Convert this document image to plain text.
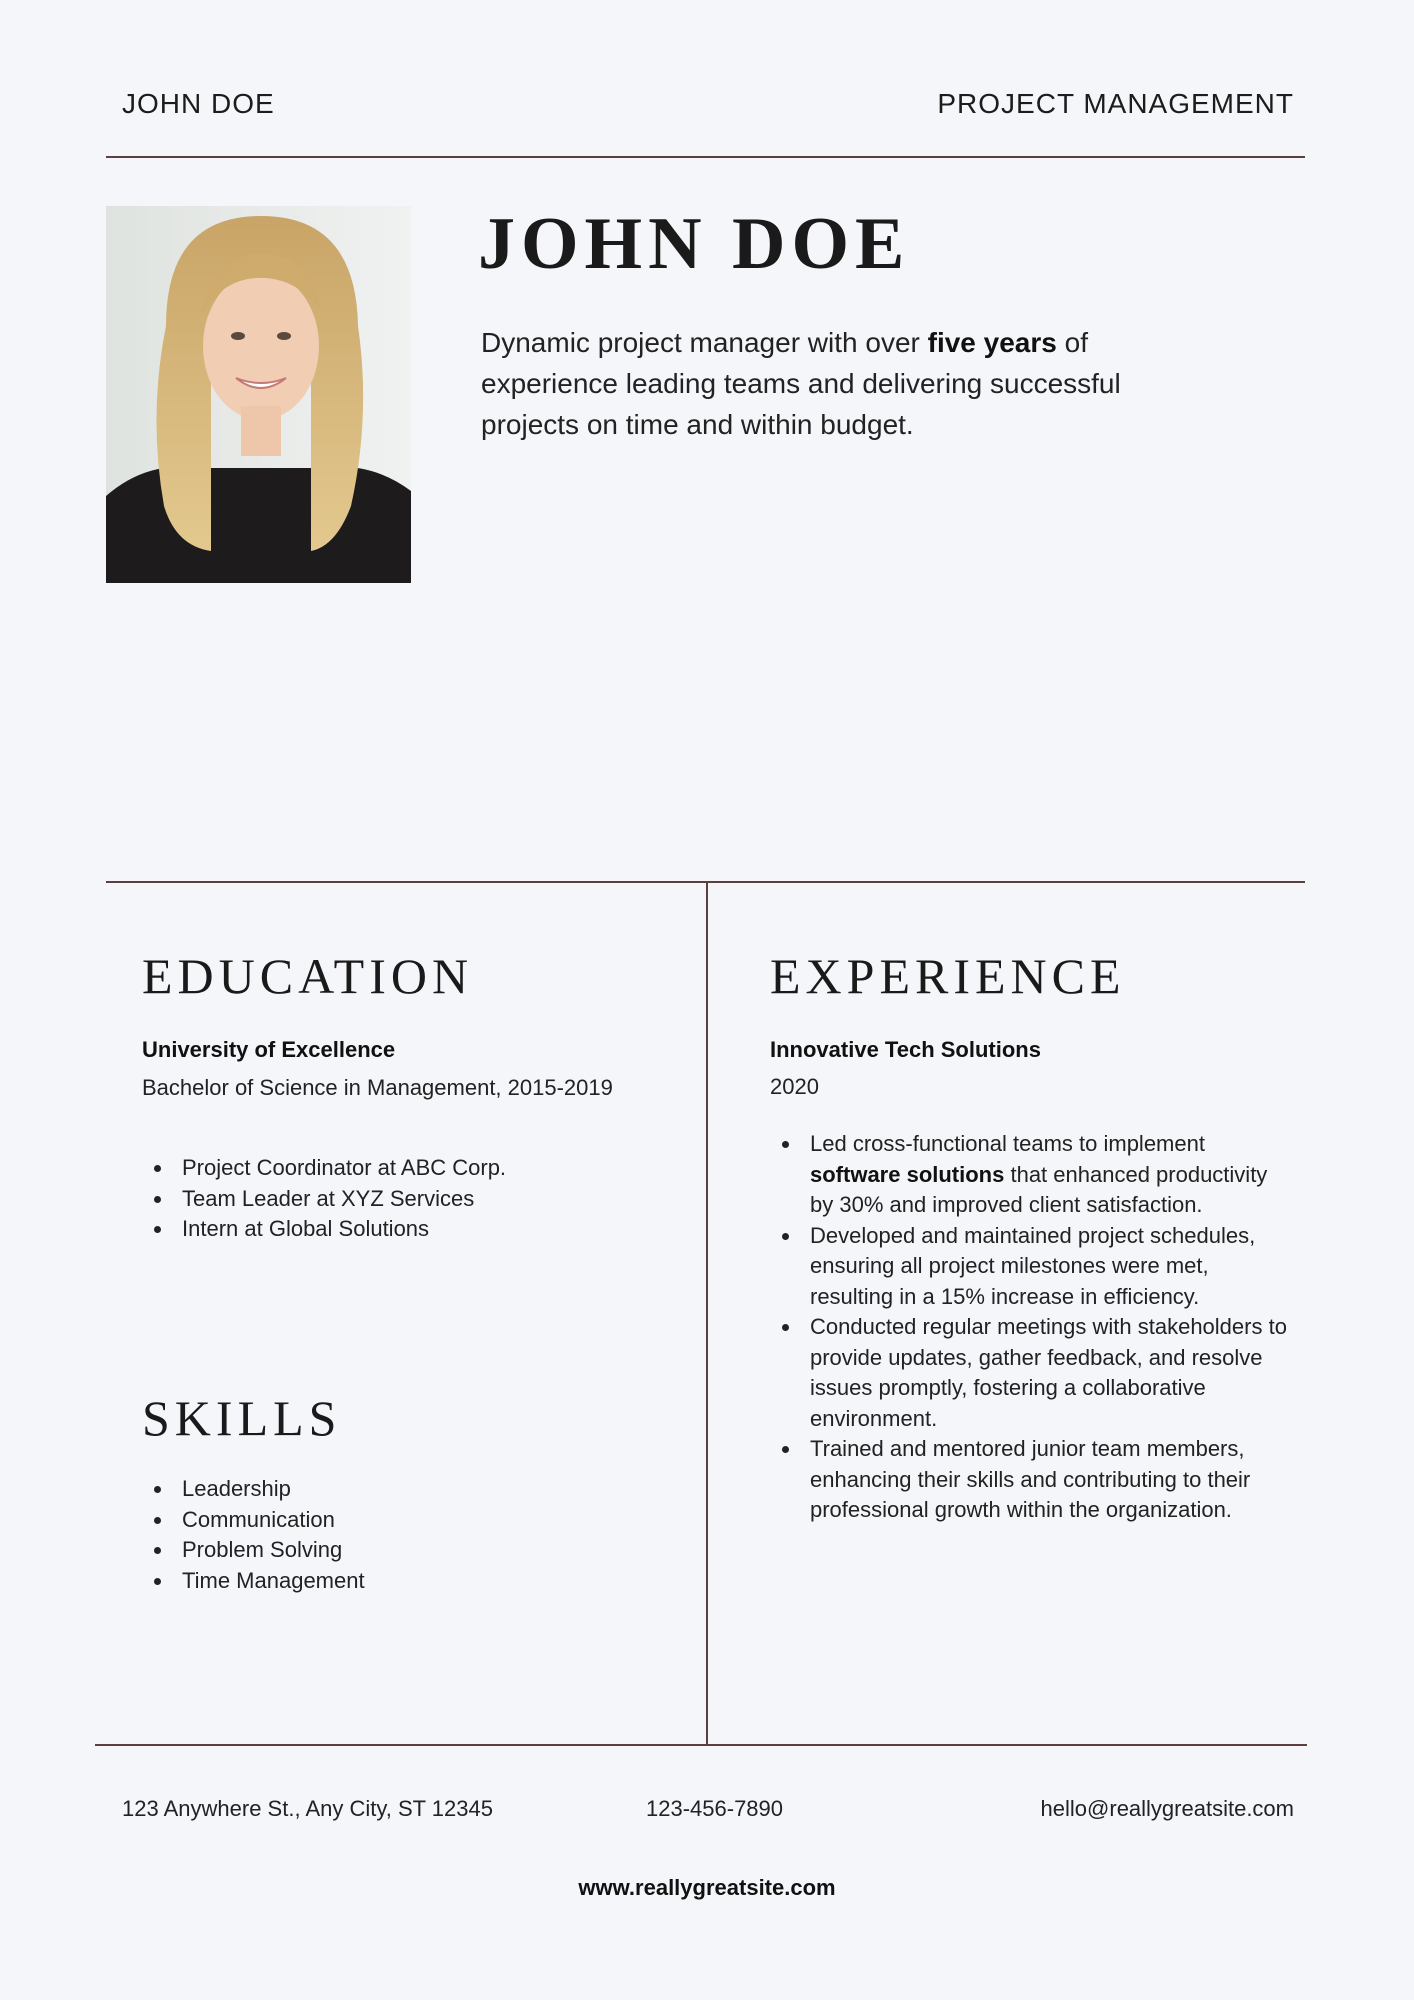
JOHN DOE	PROJECT MANAGEMENT
JOHN DOE

Dynamic project manager with over five years of experience leading teams and delivering successful projects on time and within budget.

EDUCATION

University of Excellence

Bachelor of Science in Management, 2015-2019

Project Coordinator at ABC Corp.
Team Leader at XYZ Services
Intern at Global Solutions
SKILLS
Leadership
Communication
Problem Solving
Time Management
EXPERIENCE

Innovative Tech Solutions

2020

Led cross-functional teams to implement software solutions that enhanced productivity by 30% and improved client satisfaction.
Developed and maintained project schedules, ensuring all project milestones were met, resulting in a 15% increase in efficiency.
Conducted regular meetings with stakeholders to provide updates, gather feedback, and resolve issues promptly, fostering a collaborative environment.
Trained and mentored junior team members, enhancing their skills and contributing to their professional growth within the organization.
123 Anywhere St., Any City, ST 12345	123-456-7890	hello@reallygreatsite.com
www.reallygreatsite.com
